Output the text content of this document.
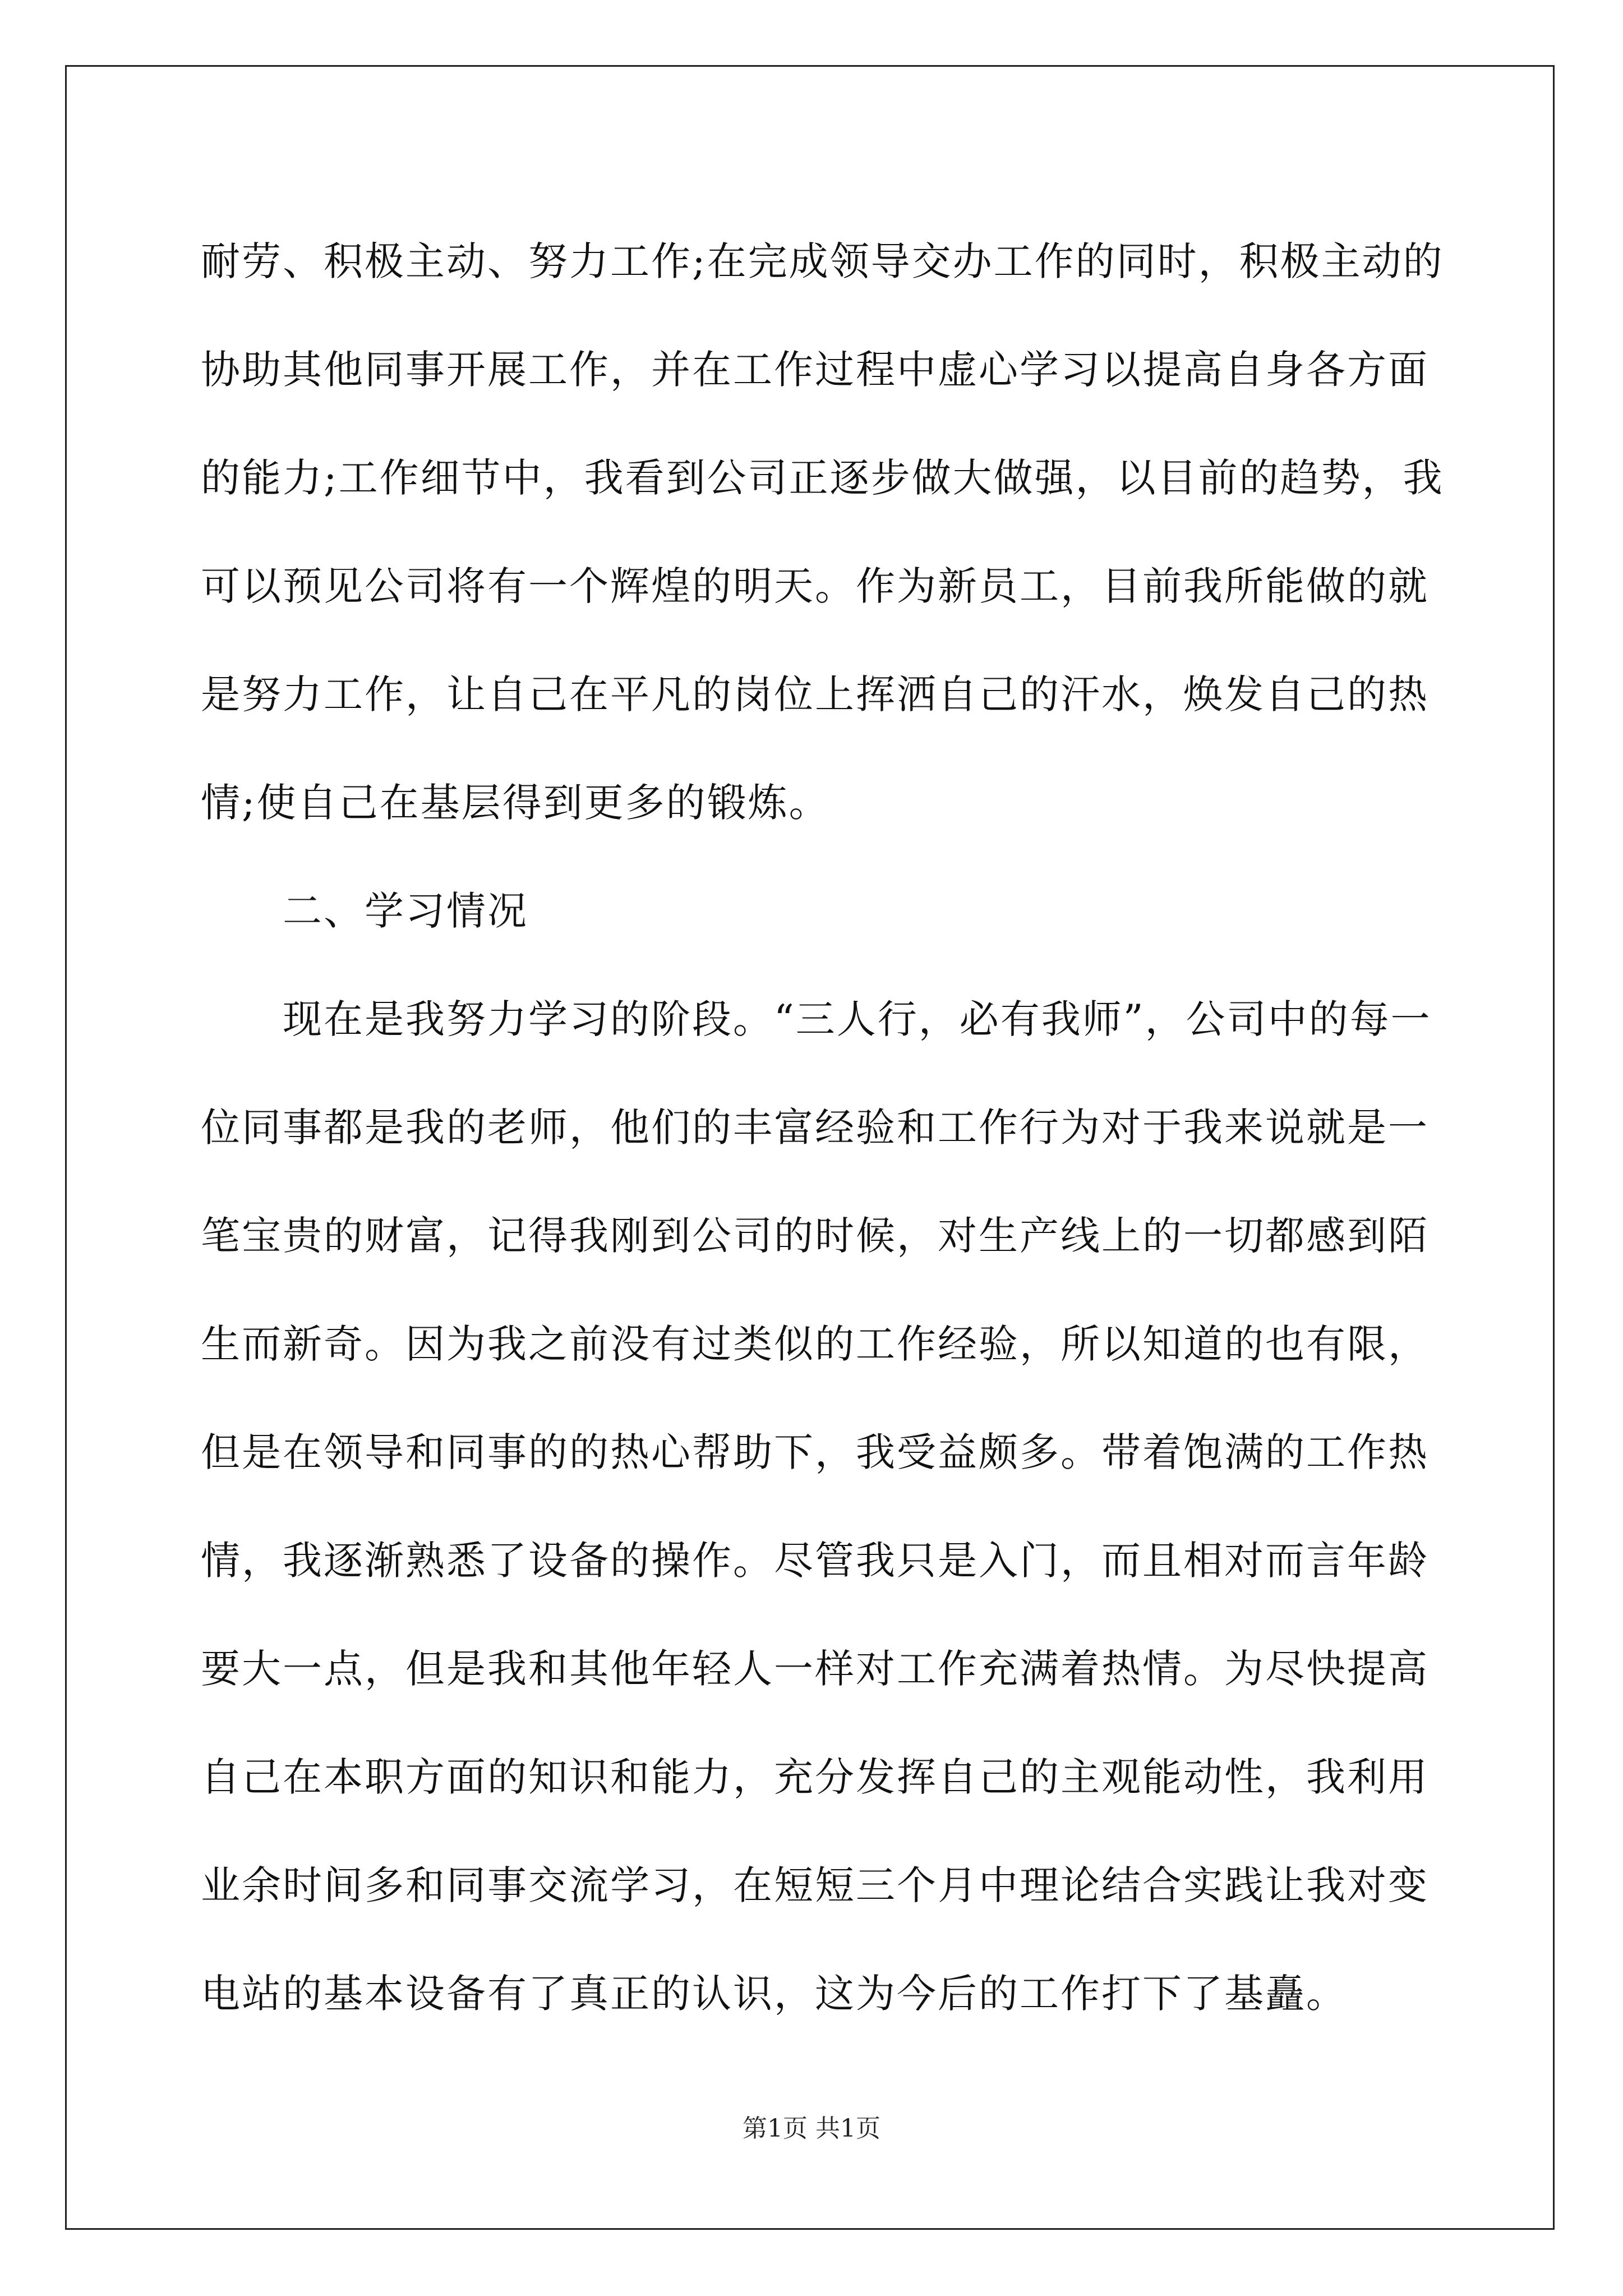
耐劳、积极主动、努力工作;在完成领导交办工作的同时，积极主动的
协助其他同事开展工作，并在工作过程中虚心学习以提高自身各方面
的能力;工作细节中，我看到公司正逐步做大做强，以目前的趋势，我
可以预见公司将有一个辉煌的明天。作为新员工，目前我所能做的就
是努力工作，让自己在平凡的岗位上挥洒自己的汗水，焕发自己的热
情;使自己在基层得到更多的锻炼。
二、学习情况
现在是我努力学习的阶段。“三人行，必有我师”，公司中的每一
位同事都是我的老师，他们的丰富经验和工作行为对于我来说就是一
笔宝贵的财富，记得我刚到公司的时候，对生产线上的一切都感到陌
生而新奇。因为我之前没有过类似的工作经验，所以知道的也有限，
但是在领导和同事的的热心帮助下，我受益颇多。带着饱满的工作热
情，我逐渐熟悉了设备的操作。尽管我只是入门，而且相对而言年龄
要大一点，但是我和其他年轻人一样对工作充满着热情。为尽快提高
自己在本职方面的知识和能力，充分发挥自己的主观能动性，我利用
业余时间多和同事交流学习，在短短三个月中理论结合实践让我对变
电站的基本设备有了真正的认识，这为今后的工作打下了基矗。
第1页 共1页
